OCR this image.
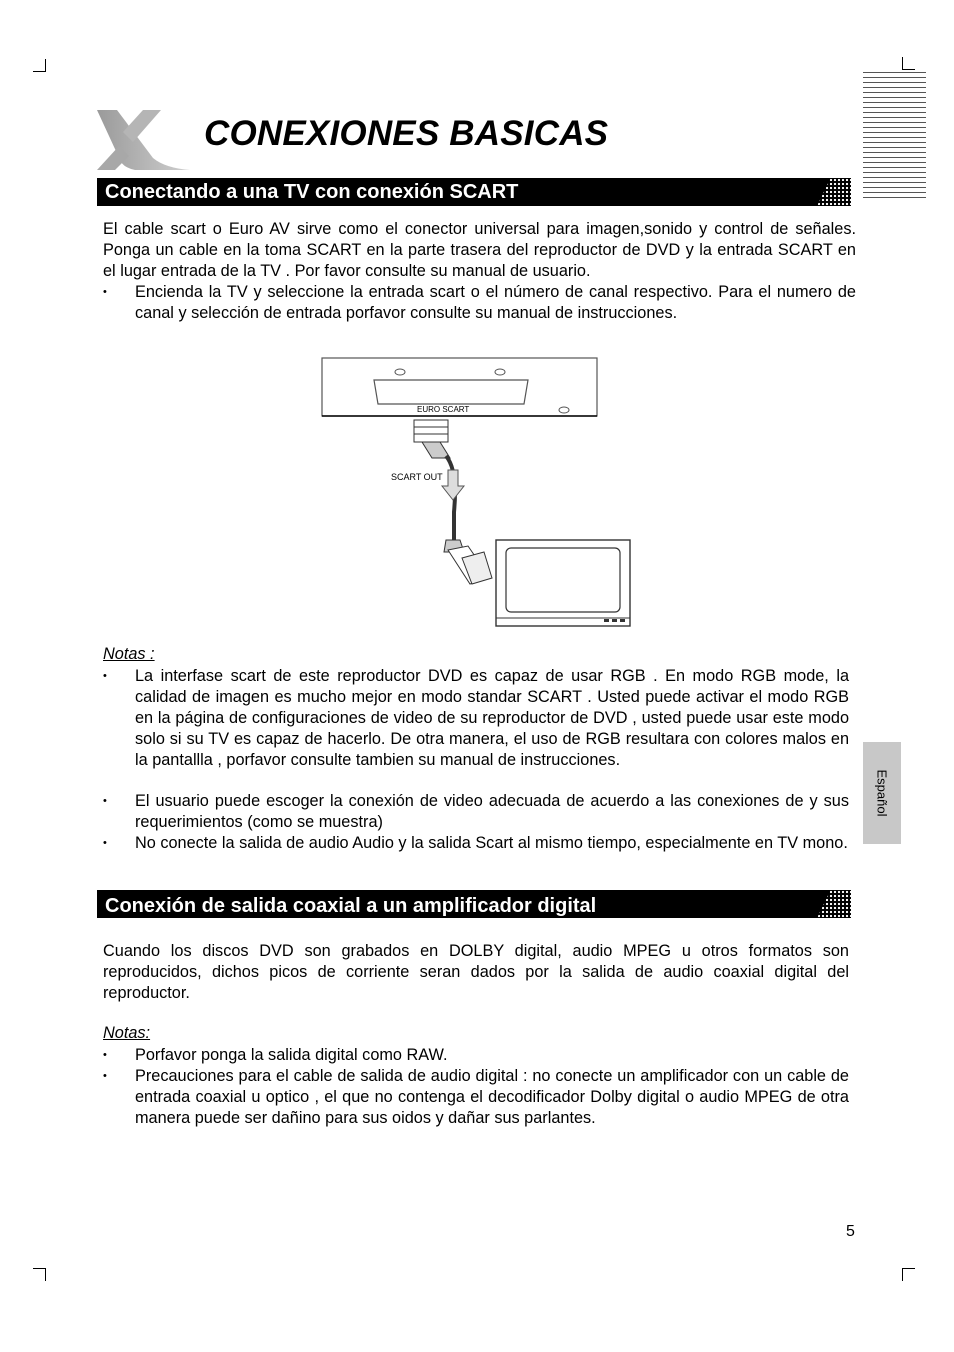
CONEXIONES BASICAS
Conectando a una TV con conexión SCART
El cable scart o Euro AV sirve como el conector universal para imagen,sonido y control de señales. Ponga un cable en la toma SCART en la parte trasera del reproductor de DVD y la entrada SCART en el lugar entrada de la TV . Por favor consulte su manual de usuario.
•
Encienda la TV y seleccione la entrada scart o el número de canal respectivo. Para el numero de canal y selección de entrada porfavor consulte su manual de instrucciones.
EURO SCART
SCART OUT
Notas :
•
La interfase scart de este reproductor DVD es capaz de usar RGB . En modo RGB mode, la calidad de imagen es mucho mejor en modo standar SCART . Usted puede activar el modo RGB en la página de configuraciones de video de su reproductor de DVD , usted puede usar este modo solo si su TV es capaz de hacerlo. De otra manera, el uso de RGB resultara con colores malos en la pantallla , porfavor consulte tambien su manual de instrucciones.
•
El usuario puede escoger la conexión de video adecuada de acuerdo a las conexiones de y sus requerimientos (como se muestra)
•
No conecte la salida de audio Audio y la salida Scart al mismo tiempo, especialmente en TV mono.
Conexión de salida coaxial a un amplificador digital
Cuando los discos DVD son grabados en DOLBY digital, audio MPEG u otros formatos son reproducidos, dichos picos de corriente seran dados por la salida de audio coaxial digital del reproductor.
Notas:
•
Porfavor ponga la salida digital como RAW.
•
Precauciones para el cable de salida de audio digital : no conecte un amplificador con un cable de entrada coaxial u optico , el que no contenga el decodificador Dolby digital o audio MPEG de otra manera puede ser dañino para sus oidos y dañar sus parlantes.
Español
5
